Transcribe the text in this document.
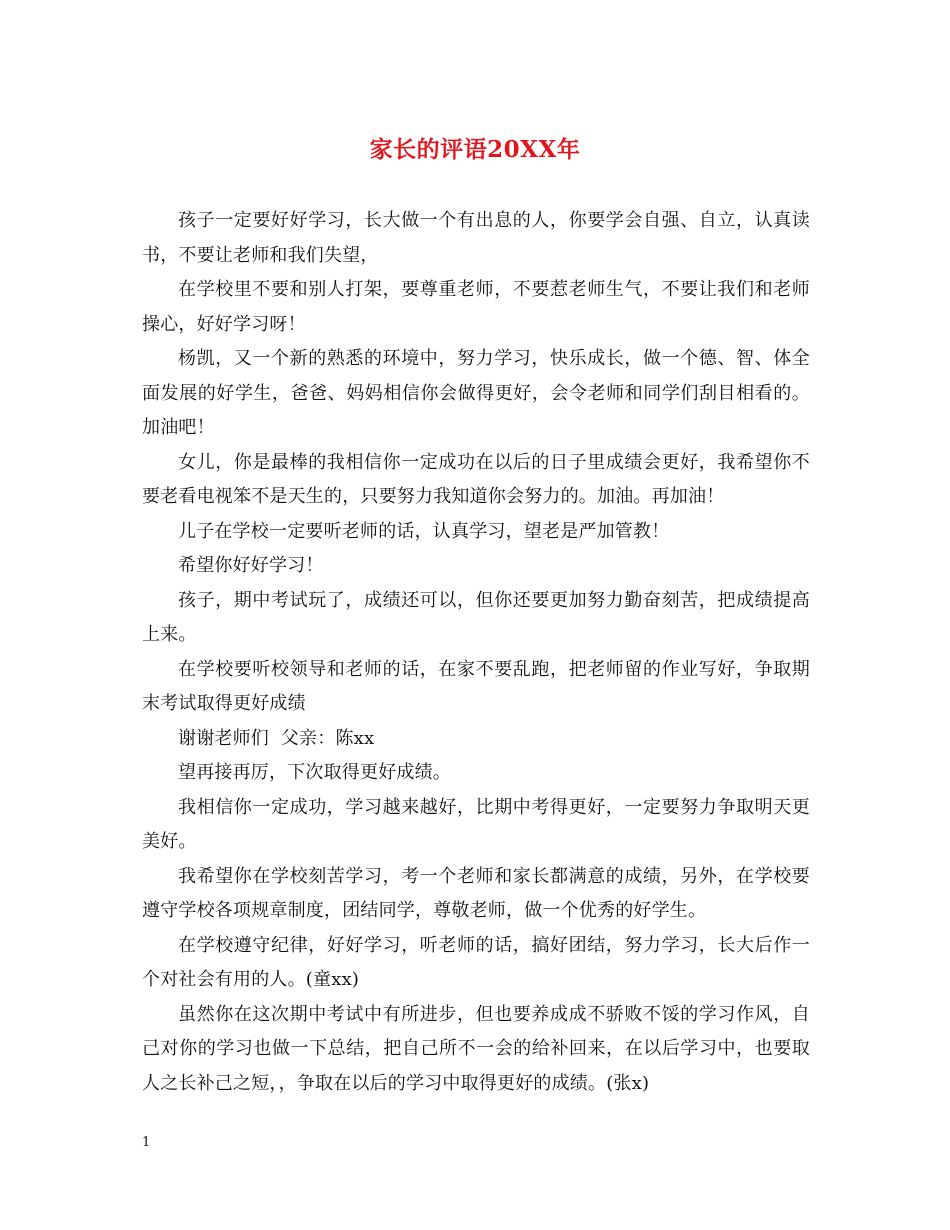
家长的评语20XX年

孩子一定要好好学习，长大做一个有出息的人，你要学会自强、自立，认真读书，不要让老师和我们失望，

在学校里不要和别人打架，要尊重老师，不要惹老师生气，不要让我们和老师操心，好好学习呀！

杨凯，又一个新的熟悉的环境中，努力学习，快乐成长，做一个德、智、体全面发展的好学生，爸爸、妈妈相信你会做得更好，会令老师和同学们刮目相看的。加油吧！

女儿，你是最棒的我相信你一定成功在以后的日子里成绩会更好，我希望你不要老看电视笨不是天生的，只要努力我知道你会努力的。加油。再加油！

儿子在学校一定要听老师的话，认真学习，望老是严加管教！

希望你好好学习！

孩子，期中考试玩了，成绩还可以，但你还要更加努力勤奋刻苦，把成绩提高上来。

在学校要听校领导和老师的话，在家不要乱跑，把老师留的作业写好，争取期末考试取得更好成绩

谢谢老师们  父亲：陈xx

望再接再厉，下次取得更好成绩。

我相信你一定成功，学习越来越好，比期中考得更好，一定要努力争取明天更美好。

我希望你在学校刻苦学习，考一个老师和家长都满意的成绩，另外，在学校要遵守学校各项规章制度，团结同学，尊敬老师，做一个优秀的好学生。

在学校遵守纪律，好好学习，听老师的话，搞好团结，努力学习，长大后作一个对社会有用的人。(童xx)

虽然你在这次期中考试中有所进步，但也要养成成不骄败不馁的学习作风，自己对你的学习也做一下总结，把自己所不一会的给补回来，在以后学习中，也要取人之长补己之短，，争取在以后的学习中取得更好的成绩。(张x)

1
